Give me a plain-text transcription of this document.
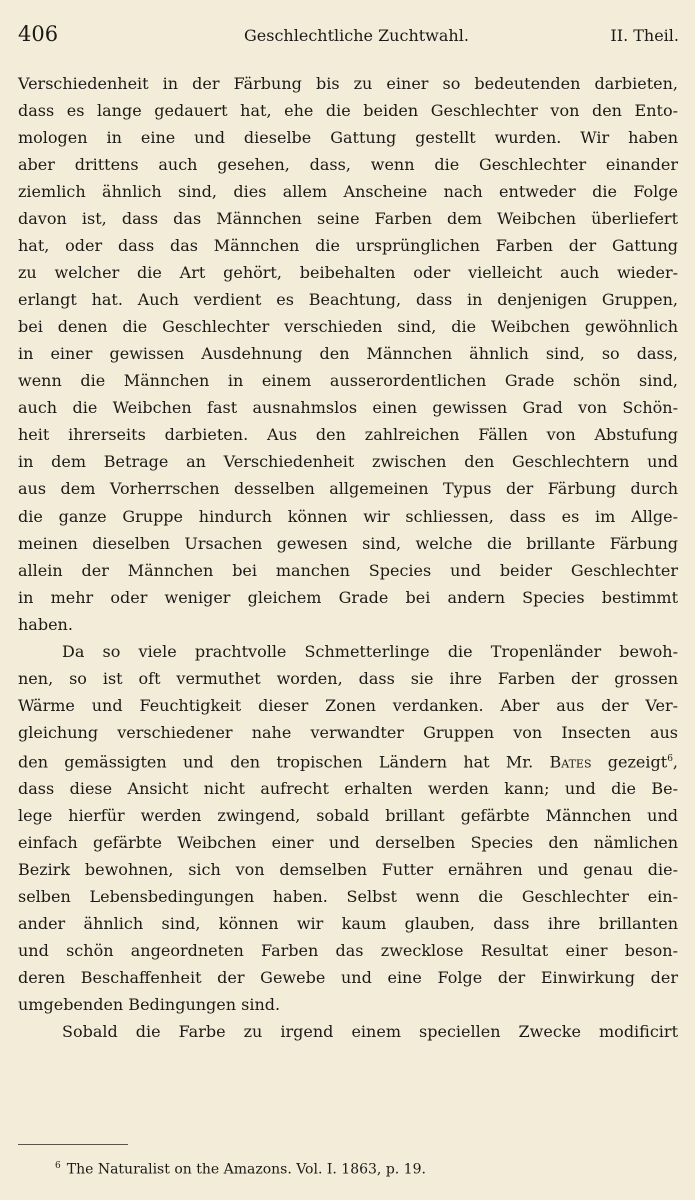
406	Geschlechtliche Zuchtwahl.	II. Theil.

Verschiedenheit in der Färbung bis zu einer so bedeutenden darbieten,
dass es lange gedauert hat, ehe die beiden Geschlechter von den Ento-
mologen in eine und dieselbe Gattung gestellt wurden. Wir haben
aber drittens auch gesehen, dass, wenn die Geschlechter einander
ziemlich ähnlich sind, dies allem Anscheine nach entweder die Folge
davon ist, dass das Männchen seine Farben dem Weibchen überliefert
hat, oder dass das Männchen die ursprünglichen Farben der Gattung
zu welcher die Art gehört, beibehalten oder vielleicht auch wieder-
erlangt hat. Auch verdient es Beachtung, dass in denjenigen Gruppen,
bei denen die Geschlechter verschieden sind, die Weibchen gewöhnlich
in einer gewissen Ausdehnung den Männchen ähnlich sind, so dass,
wenn die Männchen in einem ausserordentlichen Grade schön sind,
auch die Weibchen fast ausnahmslos einen gewissen Grad von Schön-
heit ihrerseits darbieten. Aus den zahlreichen Fällen von Abstufung
in dem Betrage an Verschiedenheit zwischen den Geschlechtern und
aus dem Vorherrschen desselben allgemeinen Typus der Färbung durch
die ganze Gruppe hindurch können wir schliessen, dass es im Allge-
meinen dieselben Ursachen gewesen sind, welche die brillante Färbung
allein der Männchen bei manchen Species und beider Geschlechter
in mehr oder weniger gleichem Grade bei andern Species bestimmt
haben.

Da so viele prachtvolle Schmetterlinge die Tropenländer bewoh-
nen, so ist oft vermuthet worden, dass sie ihre Farben der grossen
Wärme und Feuchtigkeit dieser Zonen verdanken. Aber aus der Ver-
gleichung verschiedener nahe verwandter Gruppen von Insecten aus
den gemässigten und den tropischen Ländern hat Mr. Bates gezeigt$^6$,
dass diese Ansicht nicht aufrecht erhalten werden kann; und die Be-
lege hierfür werden zwingend, sobald brillant gefärbte Männchen und
einfach gefärbte Weibchen einer und derselben Species den nämlichen
Bezirk bewohnen, sich von demselben Futter ernähren und genau die-
selben Lebensbedingungen haben. Selbst wenn die Geschlechter ein-
ander ähnlich sind, können wir kaum glauben, dass ihre brillanten
und schön angeordneten Farben das zwecklose Resultat einer beson-
deren Beschaffenheit der Gewebe und eine Folge der Einwirkung der
umgebenden Bedingungen sind.

Sobald die Farbe zu irgend einem speciellen Zwecke modificirt

$^6$ The Naturalist on the Amazons. Vol. I. 1863, p. 19.
